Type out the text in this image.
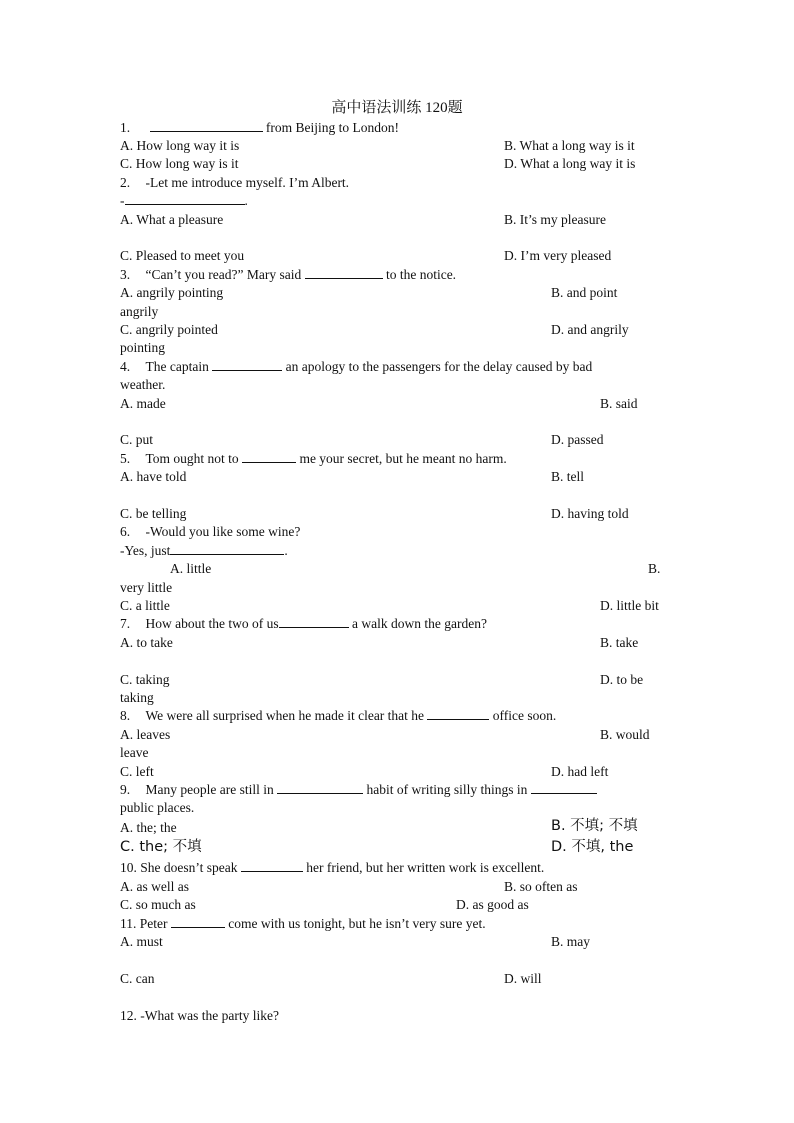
高中语法训练 120题
1.	from Beijing to London!
A. How long way it is	B. What a long way is it
C. How long way is it	D. What a long way it is
2. -Let me introduce myself. I’m Albert.
-	.
A. What a pleasure	B. It’s my pleasure
C. Pleased to meet you	D. I’m very pleased
3. “Can’t you read?” Mary said	to the notice.
A. angrily pointing	B. and point
angrily
C. angrily pointed	D. and angrily
pointing
4. The captain	an apology to the passengers for the delay caused by bad
weather.
A. made	B. said
C. put	D. passed
5. Tom ought not to	me your secret, but he meant no harm.
A. have told	B. tell
C. be telling	D. having told
6. -Would you like some wine?
-Yes, just	.
A. little	B.
very little
C. a little	D. little bit
7. How about the two of us	a walk down the garden?
A. to take	B. take
C. taking	D. to be
taking
8. We were all surprised when he made it clear that he	office soon.
A. leaves	B. would
leave
C. left	D. had left
9. Many people are still in	habit of writing silly things in
public places.
A. the; the	B. 不填; 不填
C. the; 不填	D. 不填, the
10. She doesn’t speak	her friend, but her written work is excellent.
A. as well as	B. so often as
C. so much as	D. as good as
11. Peter	come with us tonight, but he isn’t very sure yet.
A. must	B. may
C. can	D. will
12. -What was the party like?
